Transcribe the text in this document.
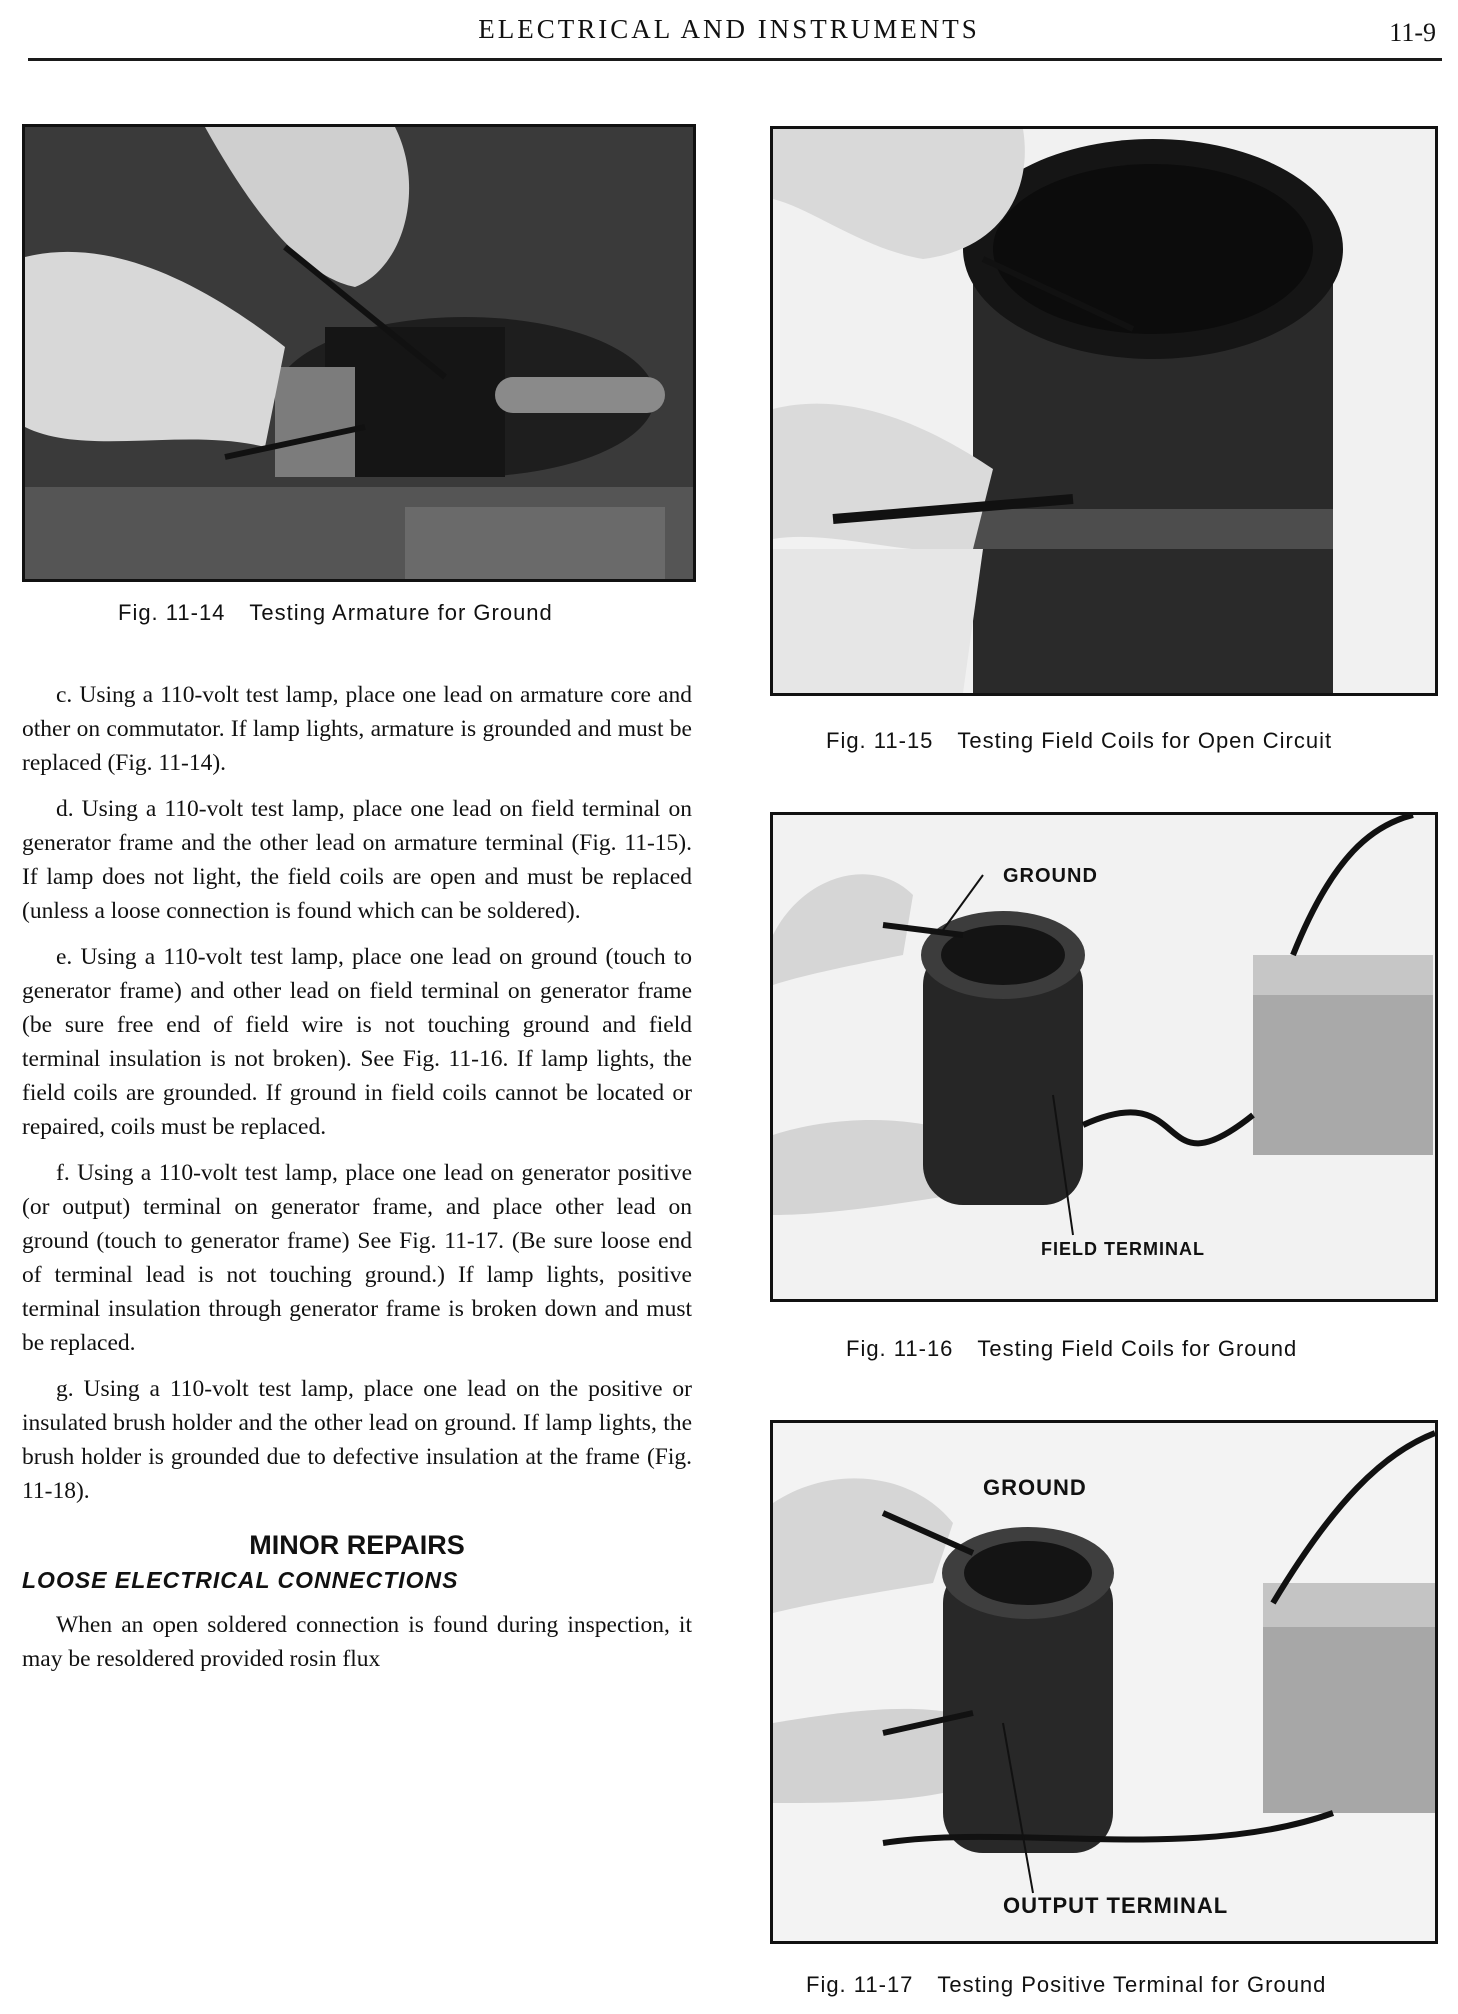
ELECTRICAL AND INSTRUMENTS	11-9
Fig. 11-14 Testing Armature for Ground
Fig. 11-15 Testing Field Coils for Open Circuit
GROUND
FIELD TERMINAL
Fig. 11-16 Testing Field Coils for Ground
GROUND
OUTPUT TERMINAL
Fig. 11-17 Testing Positive Terminal for Ground

c. Using a 110-volt test lamp, place one lead on armature core and other on commutator. If lamp lights, armature is grounded and must be replaced (Fig. 11-14).

d. Using a 110-volt test lamp, place one lead on field terminal on generator frame and the other lead on armature terminal (Fig. 11-15). If lamp does not light, the field coils are open and must be replaced (unless a loose connection is found which can be soldered).

e. Using a 110-volt test lamp, place one lead on ground (touch to generator frame) and other lead on field terminal on generator frame (be sure free end of field wire is not touching ground and field terminal insulation is not broken). See Fig. 11-16. If lamp lights, the field coils are grounded. If ground in field coils cannot be located or repaired, coils must be replaced.

f. Using a 110-volt test lamp, place one lead on generator positive (or output) terminal on generator frame, and place other lead on ground (touch to generator frame) See Fig. 11-17. (Be sure loose end of terminal lead is not touching ground.) If lamp lights, positive terminal insulation through generator frame is broken down and must be replaced.

g. Using a 110-volt test lamp, place one lead on the positive or insulated brush holder and the other lead on ground. If lamp lights, the brush holder is grounded due to defective insulation at the frame (Fig. 11-18).

MINOR REPAIRS
LOOSE ELECTRICAL CONNECTIONS

When an open soldered connection is found during inspection, it may be resoldered provided rosin flux
